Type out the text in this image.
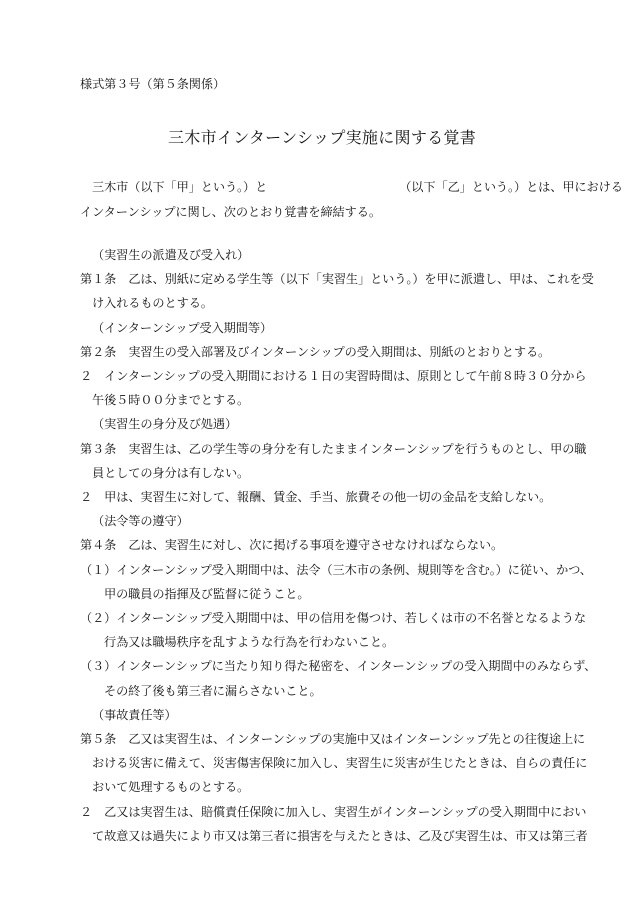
様式第３号（第５条関係）
三木市インターンシップ実施に関する覚書
三木市（以下「甲」という。）と	（以下「乙」という。）とは、甲における
インターンシップに関し、次のとおり覚書を締結する。
（実習生の派遣及び受入れ）
第１条　乙は、別紙に定める学生等（以下「実習生」という。）を甲に派遣し、甲は、これを受
け入れるものとする。
（インターンシップ受入期間等）
第２条　実習生の受入部署及びインターンシップの受入期間は、別紙のとおりとする。
２　インターンシップの受入期間における１日の実習時間は、原則として午前８時３０分から
午後５時００分までとする。
（実習生の身分及び処遇）
第３条　実習生は、乙の学生等の身分を有したままインターンシップを行うものとし、甲の職
員としての身分は有しない。
２　甲は、実習生に対して、報酬、賃金、手当、旅費その他一切の金品を支給しない。
（法令等の遵守）
第４条　乙は、実習生に対し、次に掲げる事項を遵守させなければならない。
（１）インターンシップ受入期間中は、法令（三木市の条例、規則等を含む。）に従い、かつ、
甲の職員の指揮及び監督に従うこと。
（２）インターンシップ受入期間中は、甲の信用を傷つけ、若しくは市の不名誉となるような
行為又は職場秩序を乱すような行為を行わないこと。
（３）インターンシップに当たり知り得た秘密を、インターンシップの受入期間中のみならず、
その終了後も第三者に漏らさないこと。
（事故責任等）
第５条　乙又は実習生は、インターンシップの実施中又はインターンシップ先との往復途上に
おける災害に備えて、災害傷害保険に加入し、実習生に災害が生じたときは、自らの責任に
おいて処理するものとする。
２　乙又は実習生は、賠償責任保険に加入し、実習生がインターンシップの受入期間中におい
て故意又は過失により市又は第三者に損害を与えたときは、乙及び実習生は、市又は第三者
